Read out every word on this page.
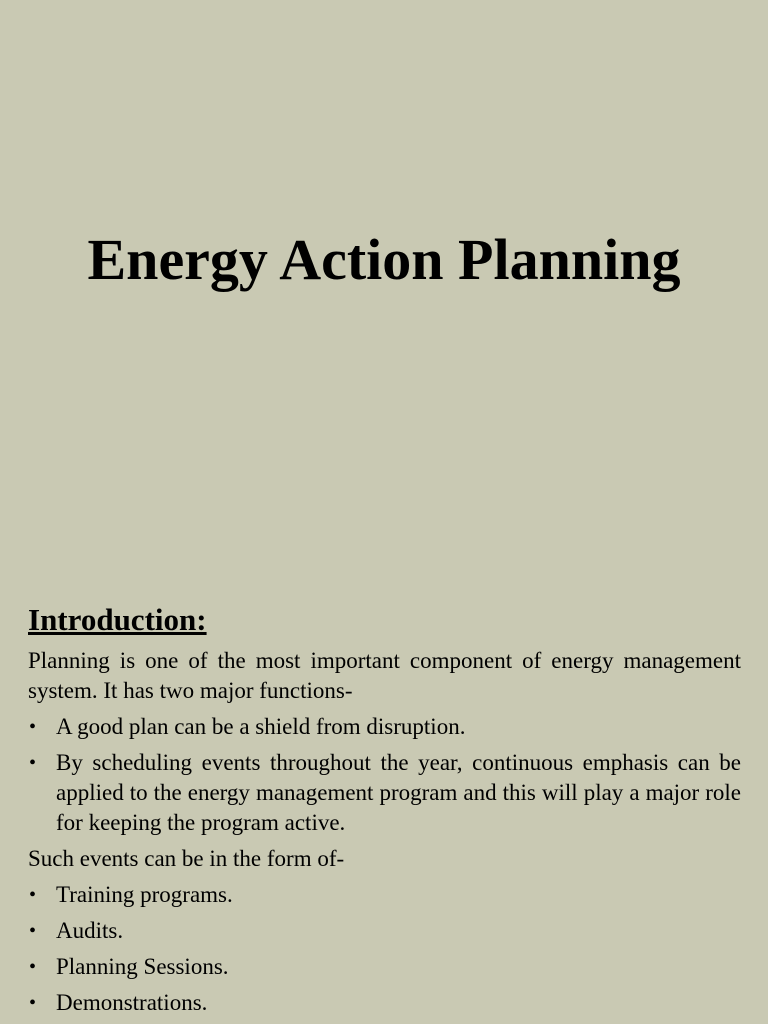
Energy Action Planning
Introduction:

Planning is one of the most important component of energy management system. It has two major functions-

• A good plan can be a shield from disruption.
• By scheduling events throughout the year, continuous emphasis can be applied to the energy management program and this will play a major role for keeping the program active.

Such events can be in the form of-

• Training programs.
• Audits.
• Planning Sessions.
• Demonstrations.
